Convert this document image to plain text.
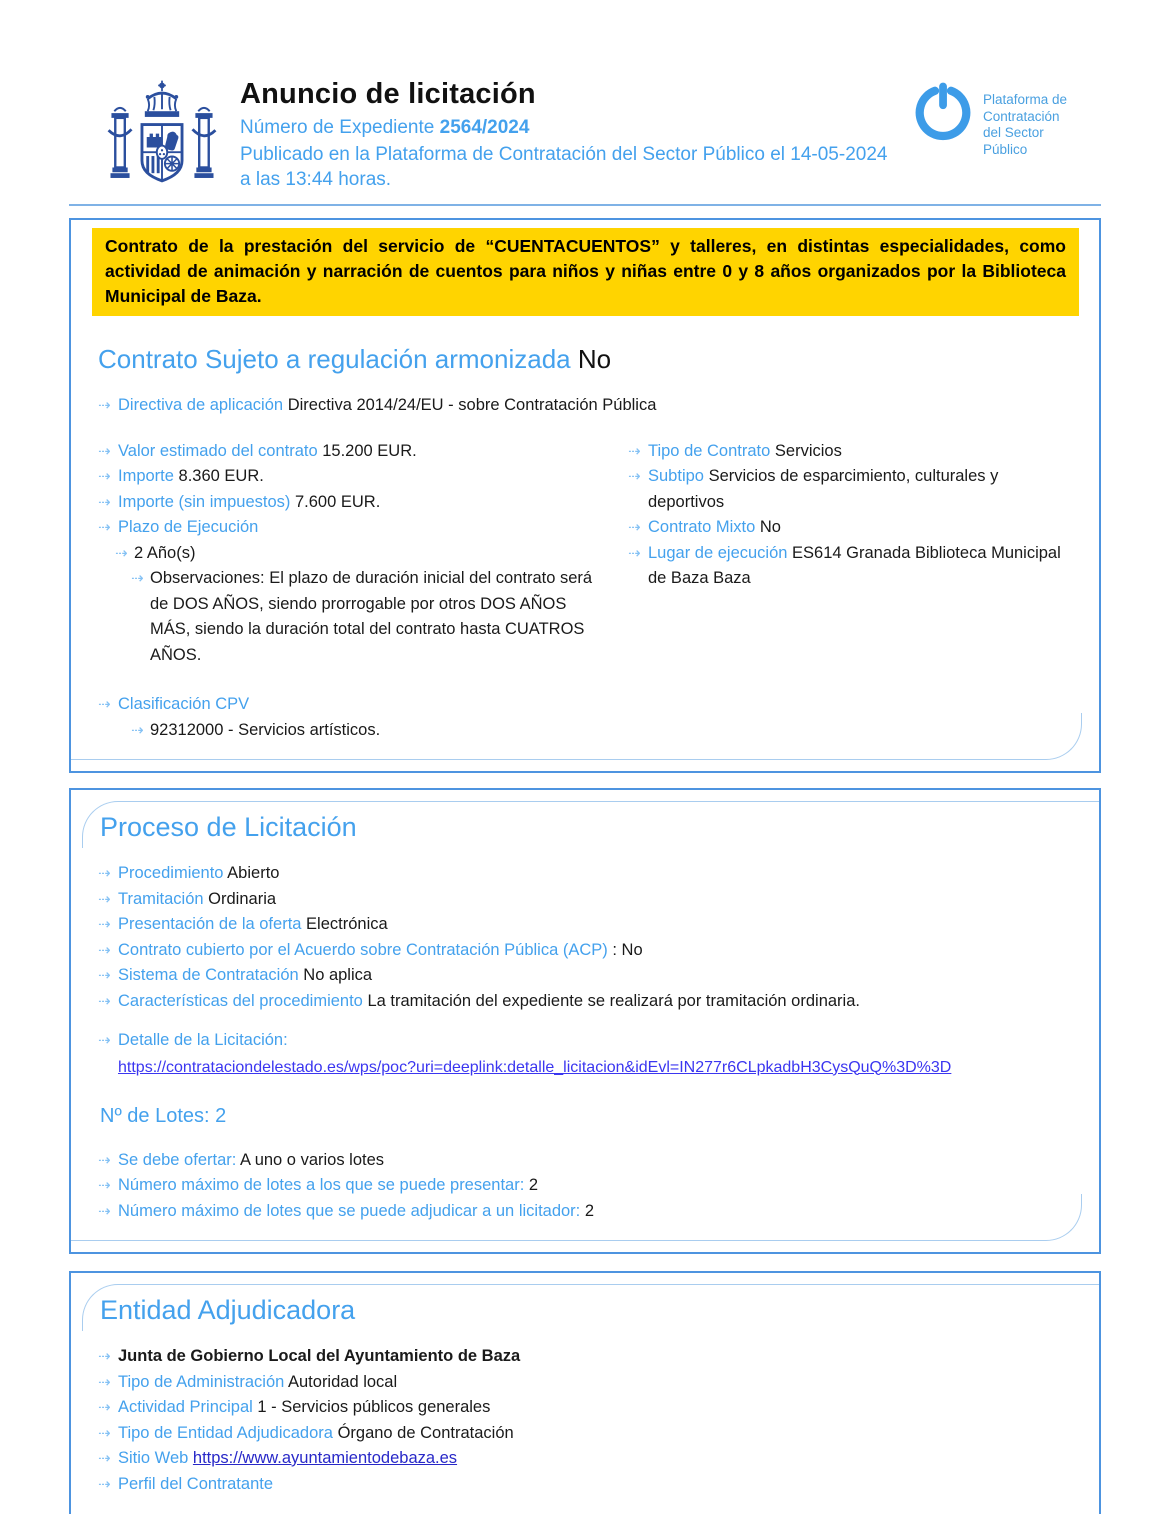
Anuncio de licitación
Número de Expediente 2564/2024
Publicado en la Plataforma de Contratación del Sector Público el 14-05-2024 a las 13:44 horas.
Plataforma de Contratación del Sector Público
Contrato de la prestación del servicio de “CUENTACUENTOS” y talleres, en distintas especialidades, como actividad de animación y narración de cuentos para niños y niñas entre 0 y 8 años organizados por la Biblioteca Municipal de Baza.
Contrato Sujeto a regulación armonizada No
⇢ Directiva de aplicación Directiva 2014/24/EU - sobre Contratación Pública
⇢ Valor estimado del contrato 15.200 EUR.
⇢ Importe 8.360 EUR.
⇢ Importe (sin impuestos) 7.600 EUR.
⇢ Plazo de Ejecución
⇢ 2 Año(s)
⇢ Observaciones: El plazo de duración inicial del contrato será de DOS AÑOS, siendo prorrogable por otros DOS AÑOS MÁS, siendo la duración total del contrato hasta CUATROS AÑOS.
⇢ Tipo de Contrato Servicios
⇢ Subtipo Servicios de esparcimiento, culturales y deportivos
⇢ Contrato Mixto No
⇢ Lugar de ejecución ES614 Granada Biblioteca Municipal de Baza Baza
⇢ Clasificación CPV
⇢ 92312000 - Servicios artísticos.
Proceso de Licitación
⇢ Procedimiento Abierto
⇢ Tramitación Ordinaria
⇢ Presentación de la oferta Electrónica
⇢ Contrato cubierto por el Acuerdo sobre Contratación Pública (ACP) : No
⇢ Sistema de Contratación No aplica
⇢ Características del procedimiento La tramitación del expediente se realizará por tramitación ordinaria.
⇢ Detalle de la Licitación:
https://contrataciondelestado.es/wps/poc?uri=deeplink:detalle_licitacion&idEvl=IN277r6CLpkadbH3CysQuQ%3D%3D
Nº de Lotes: 2
⇢ Se debe ofertar: A uno o varios lotes
⇢ Número máximo de lotes a los que se puede presentar: 2
⇢ Número máximo de lotes que se puede adjudicar a un licitador: 2
Entidad Adjudicadora
⇢ Junta de Gobierno Local del Ayuntamiento de Baza
⇢ Tipo de Administración Autoridad local
⇢ Actividad Principal 1 - Servicios públicos generales
⇢ Tipo de Entidad Adjudicadora Órgano de Contratación
⇢ Sitio Web https://www.ayuntamientodebaza.es
⇢ Perfil del Contratante
